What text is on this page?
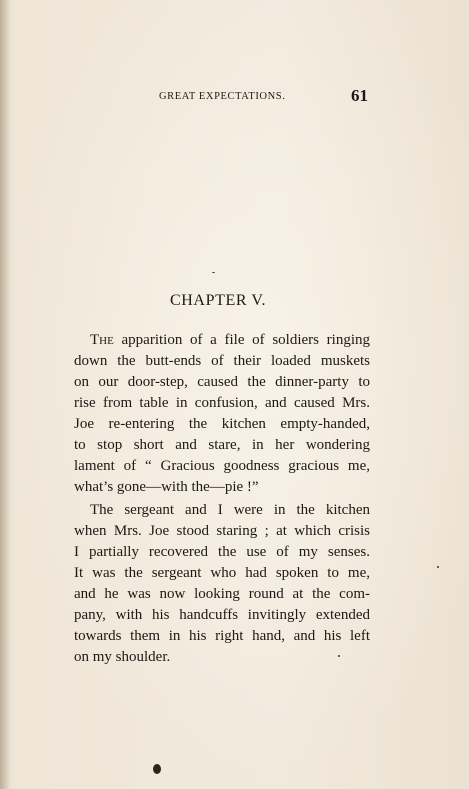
GREAT EXPECTATIONS.	61
CHAPTER V.
The apparition of a file of soldiers ringing
down the butt-ends of their loaded muskets
on our door-step, caused the dinner-party to
rise from table in confusion, and caused Mrs.
Joe re-entering the kitchen empty-handed,
to stop short and stare, in her wondering
lament of “ Gracious goodness gracious me,
what’s gone—with the—pie !”
The sergeant and I were in the kitchen
when Mrs. Joe stood staring ; at which crisis
I partially recovered the use of my senses.
It was the sergeant who had spoken to me,
and he was now looking round at the com-
pany, with his handcuffs invitingly extended
towards them in his right hand, and his left
on my shoulder.
